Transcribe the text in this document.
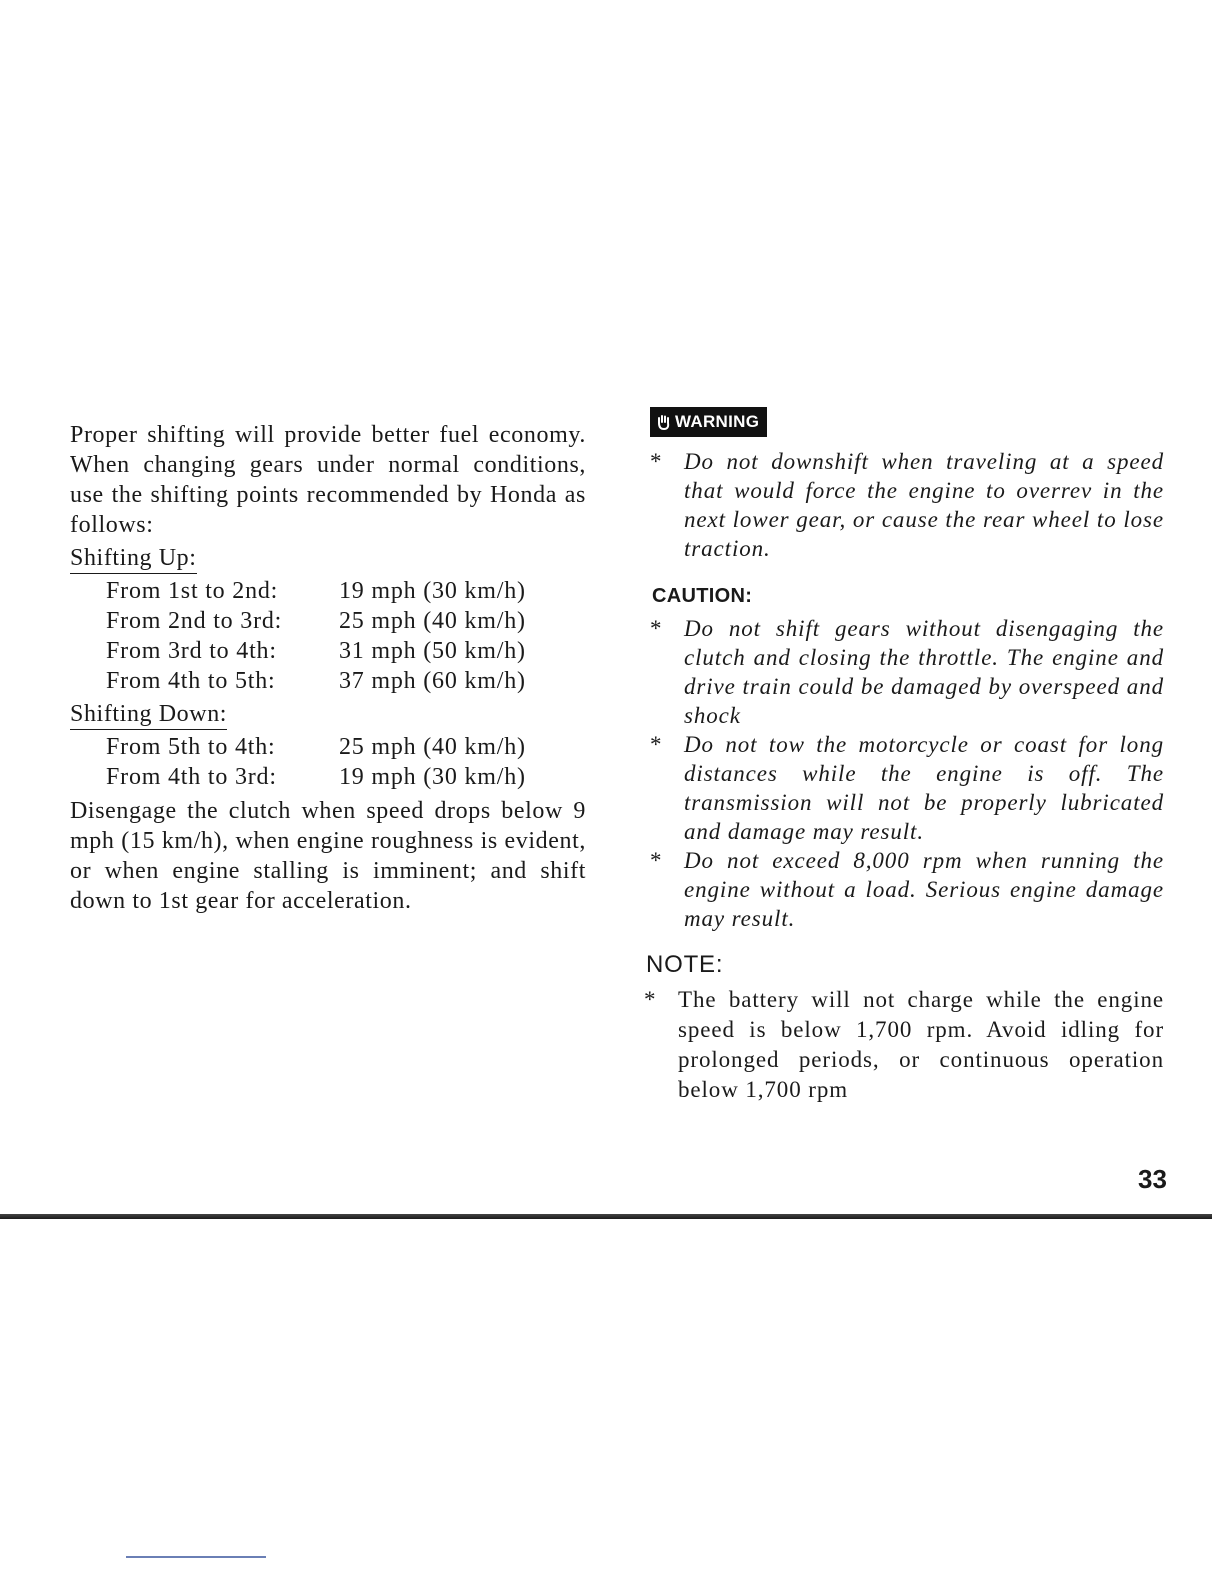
Proper shifting will provide better fuel economy. When changing gears under normal conditions, use the shifting points recommended by Honda as follows:

Shifting Up:
From 1st to 2nd:	19 mph (30 km/h)
From 2nd to 3rd:	25 mph (40 km/h)
From 3rd to 4th:	31 mph (50 km/h)
From 4th to 5th:	37 mph (60 km/h)
Shifting Down:
From 5th to 4th:	25 mph (40 km/h)
From 4th to 3rd:	19 mph (30 km/h)

Disengage the clutch when speed drops below 9 mph (15 km/h), when engine roughness is evident, or when engine stalling is imminent; and shift down to 1st gear for acceleration.

WARNING
* Do not downshift when traveling at a speed that would force the engine to overrev in the next lower gear, or cause the rear wheel to lose traction.
CAUTION:
* Do not shift gears without disengaging the clutch and closing the throttle. The engine and drive train could be damaged by overspeed and shock
* Do not tow the motorcycle or coast for long distances while the engine is off. The transmission will not be properly lubricated and damage may result.
* Do not exceed 8,000 rpm when running the engine without a load. Serious engine damage may result.
NOTE:
* The battery will not charge while the engine speed is below 1,700 rpm. Avoid idling for prolonged periods, or continuous operation below 1,700 rpm
33
